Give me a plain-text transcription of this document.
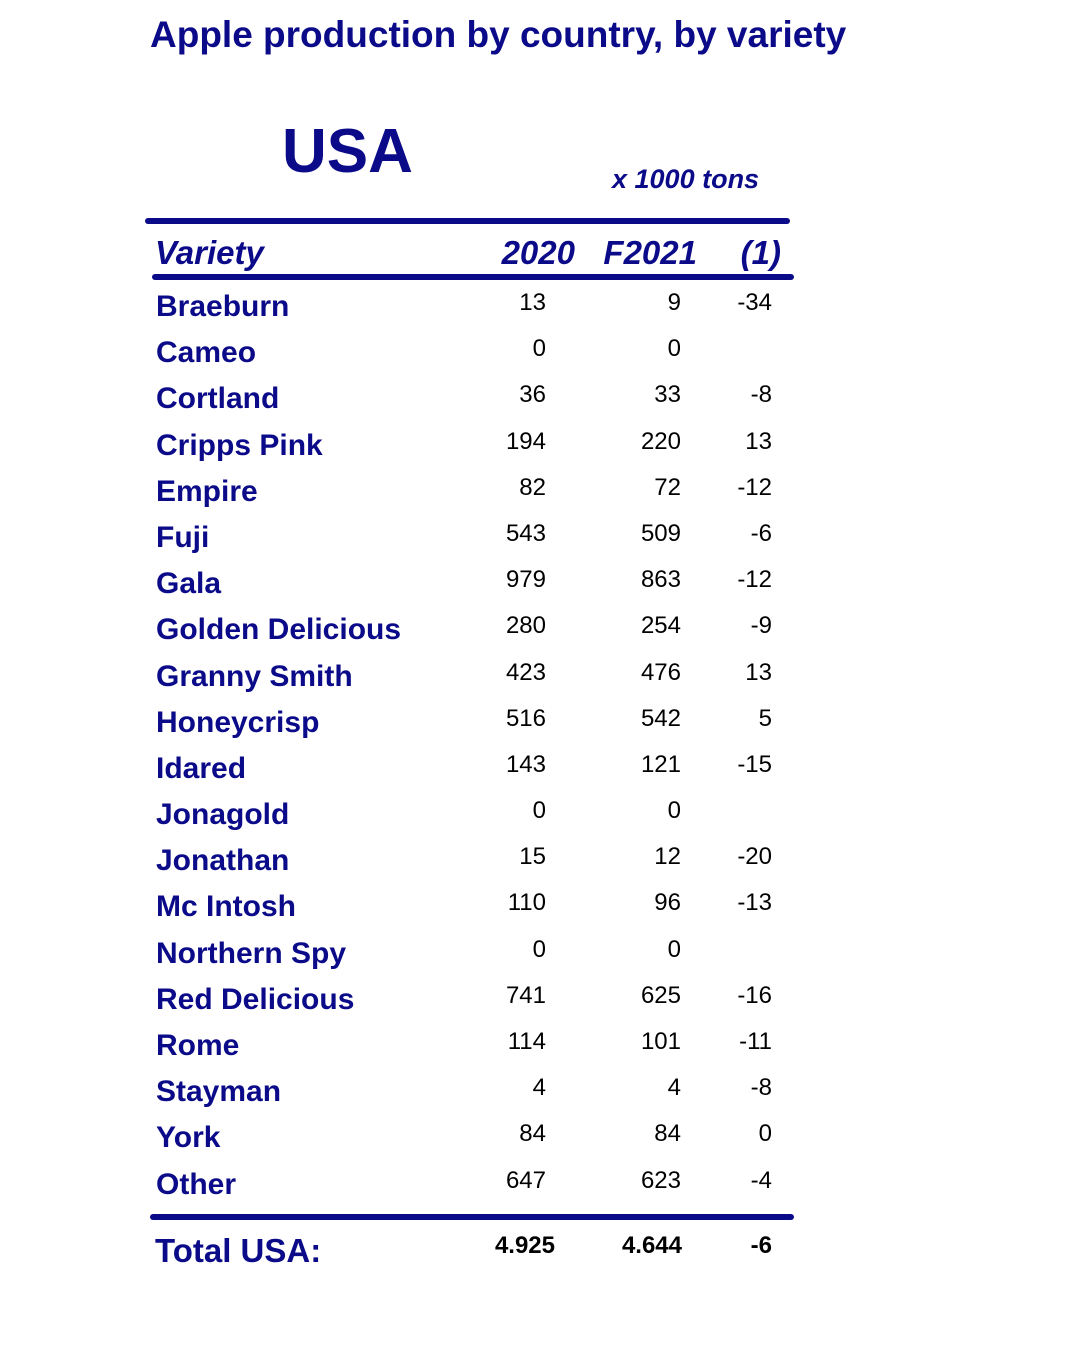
Apple production by country, by variety
USA	x 1000 tons
Variety	2020 F2021 (1)
Braeburn	13	9 -34
Cameo	0	0
Cortland	36	33	-8
Cripps Pink	194	220	13
Empire	82	72 -12
Fuji	543	509	-6
Gala	979	863 -12
Golden Delicious	280	254	-9
Granny Smith	423	476	13
Honeycrisp	516	542	5
Idared	143	121 -15
Jonagold	0	0
Jonathan	15	12 -20
Mc Intosh	110	96 -13
Northern Spy	0	0
Red Delicious	741	625 -16
Rome	114	101 -11
Stayman	4	4	-8
York	84	84	0
Other	647	623	-4
Total USA:	4.925	4.644	-6
